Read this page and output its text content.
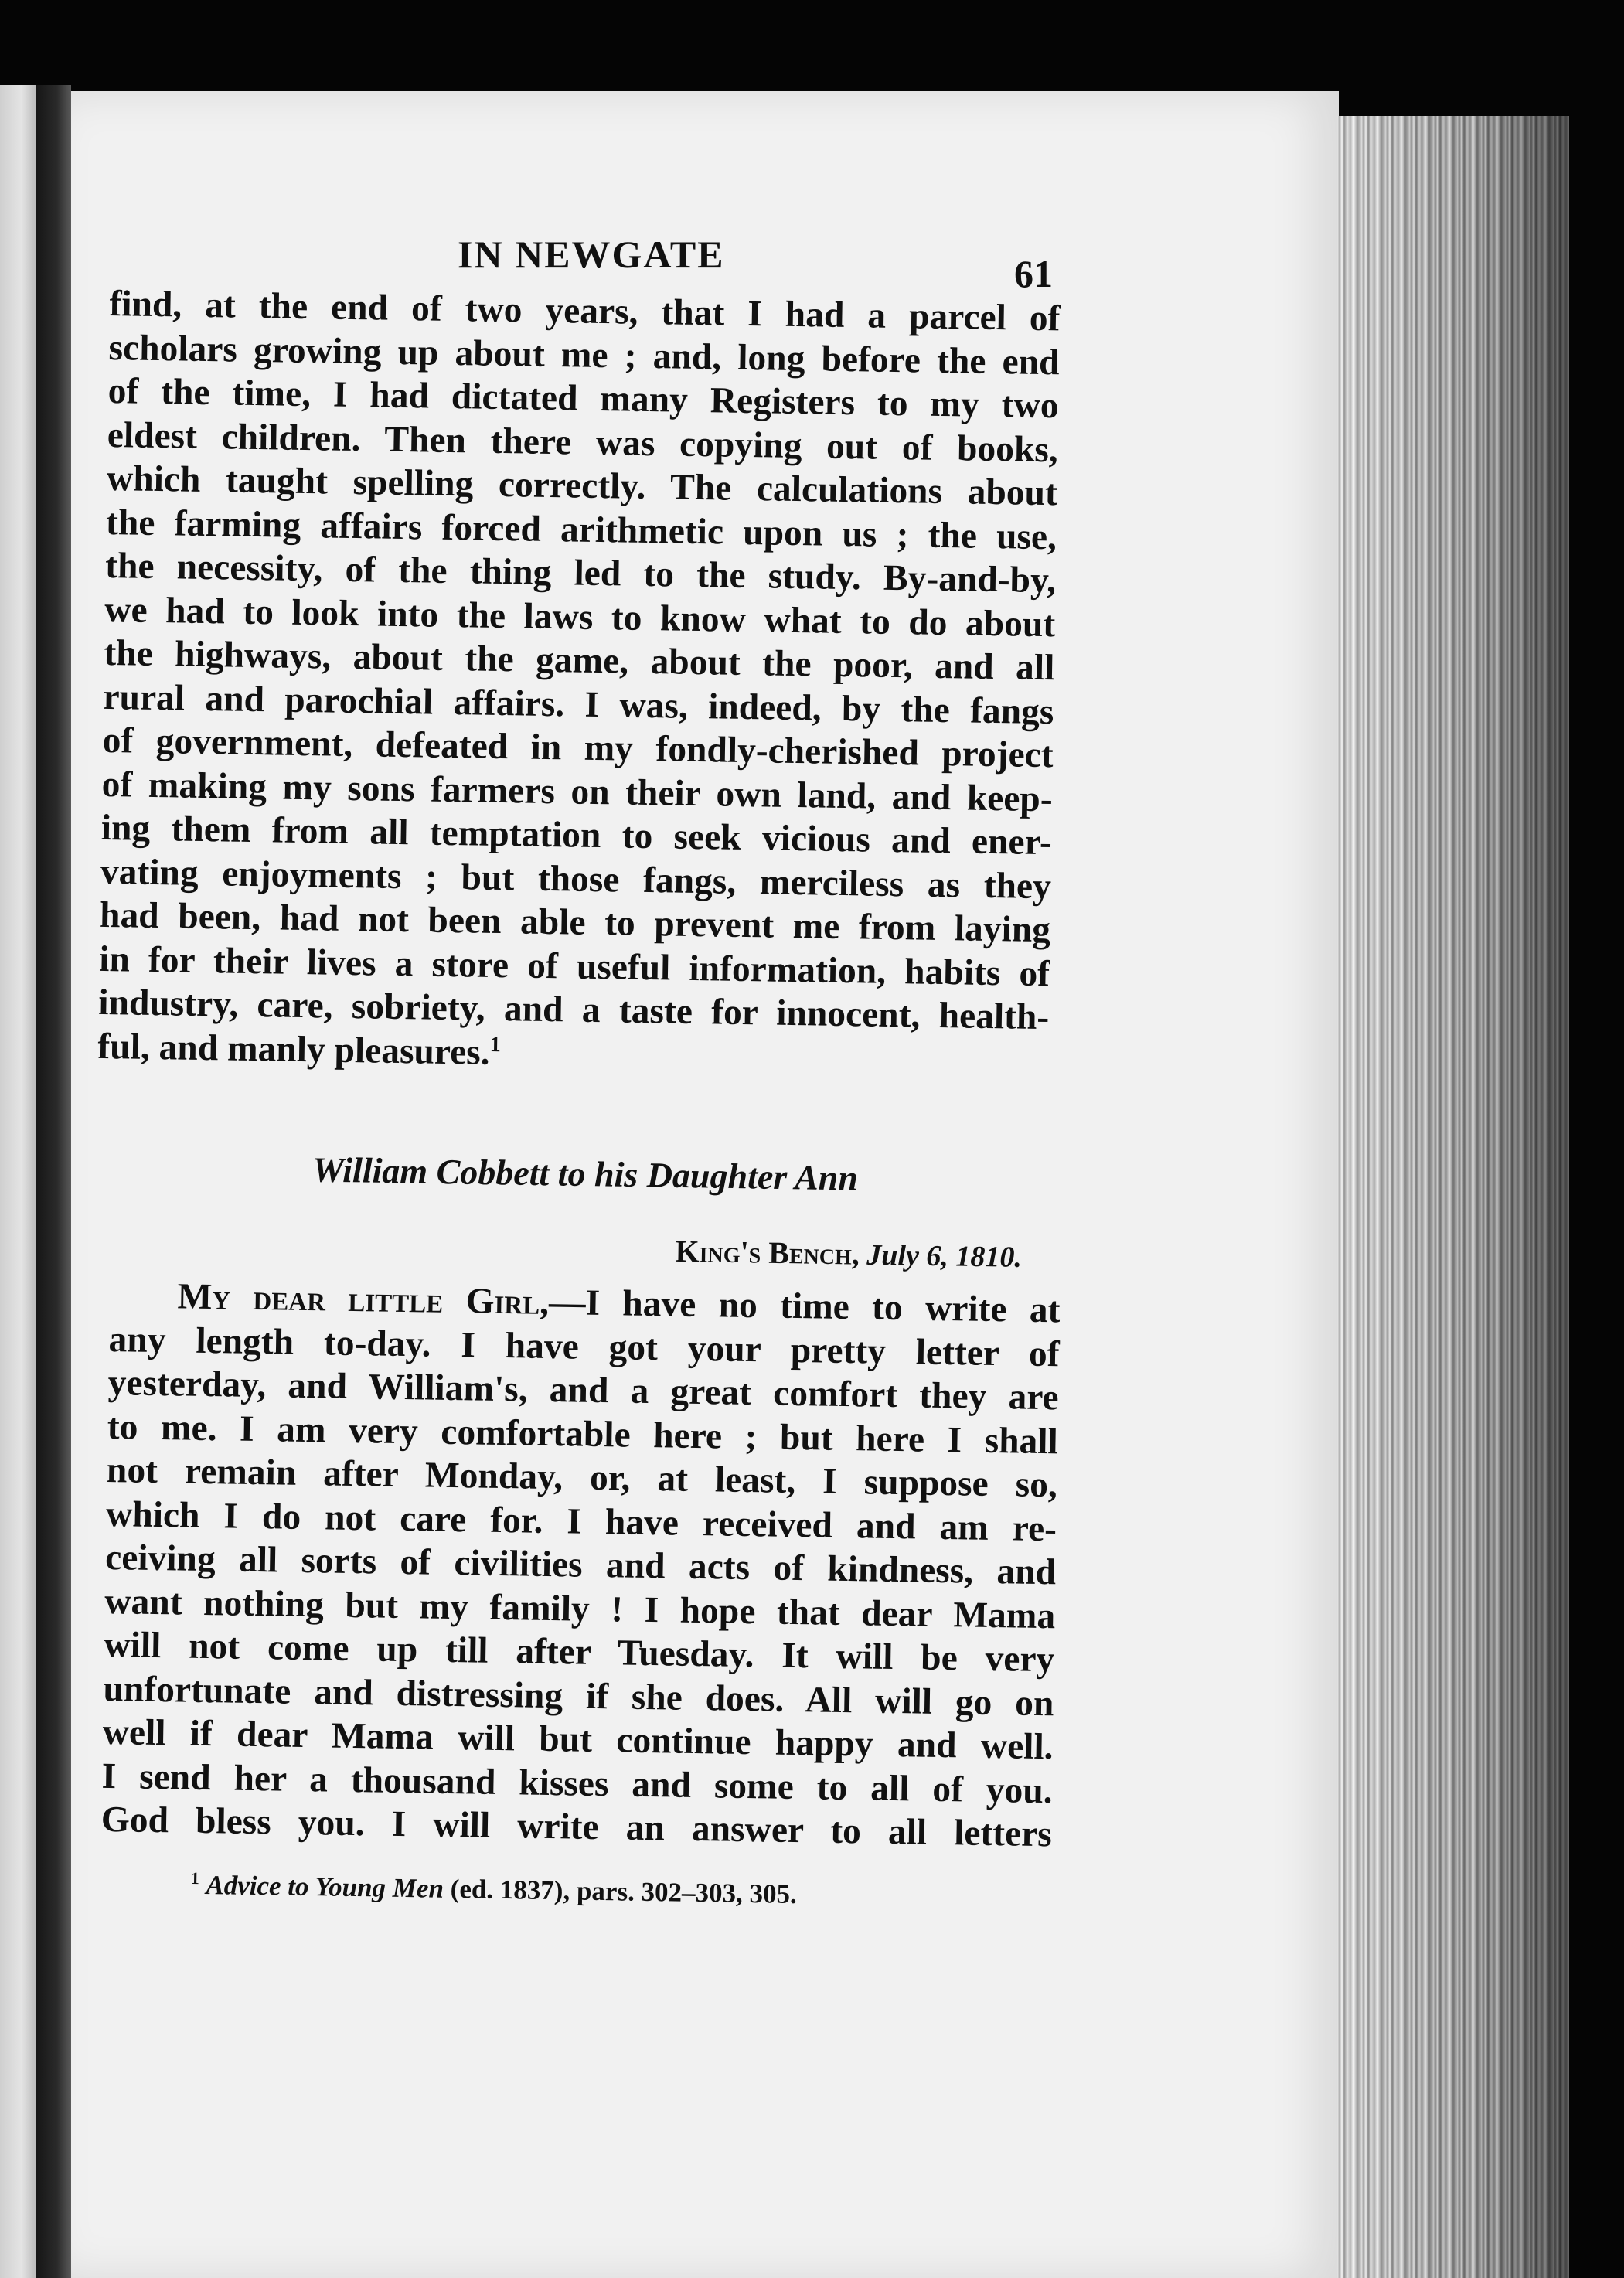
IN NEWGATE	61
find, at the end of two years, that I had a parcel of
scholars growing up about me ; and, long before the end
of the time, I had dictated many Registers to my two
eldest children. Then there was copying out of books,
which taught spelling correctly. The calculations about
the farming affairs forced arithmetic upon us ; the use,
the necessity, of the thing led to the study. By-and-by,
we had to look into the laws to know what to do about
the highways, about the game, about the poor, and all
rural and parochial affairs. I was, indeed, by the fangs
of government, defeated in my fondly-cherished project
of making my sons farmers on their own land, and keep-
ing them from all temptation to seek vicious and ener-
vating enjoyments ; but those fangs, merciless as they
had been, had not been able to prevent me from laying
in for their lives a store of useful information, habits of
industry, care, sobriety, and a taste for innocent, health-
ful, and manly pleasures.$^1$
William Cobbett to his Daughter Ann
King's Bench, July 6, 1810.
My dear little Girl,—I have no time to write at
any length to-day. I have got your pretty letter of
yesterday, and William's, and a great comfort they are
to me. I am very comfortable here ; but here I shall
not remain after Monday, or, at least, I suppose so,
which I do not care for. I have received and am re-
ceiving all sorts of civilities and acts of kindness, and
want nothing but my family ! I hope that dear Mama
will not come up till after Tuesday. It will be very
unfortunate and distressing if she does. All will go on
well if dear Mama will but continue happy and well.
I send her a thousand kisses and some to all of you.
God bless you. I will write an answer to all letters
$^1$ Advice to Young Men (ed. 1837), pars. 302–303, 305.
